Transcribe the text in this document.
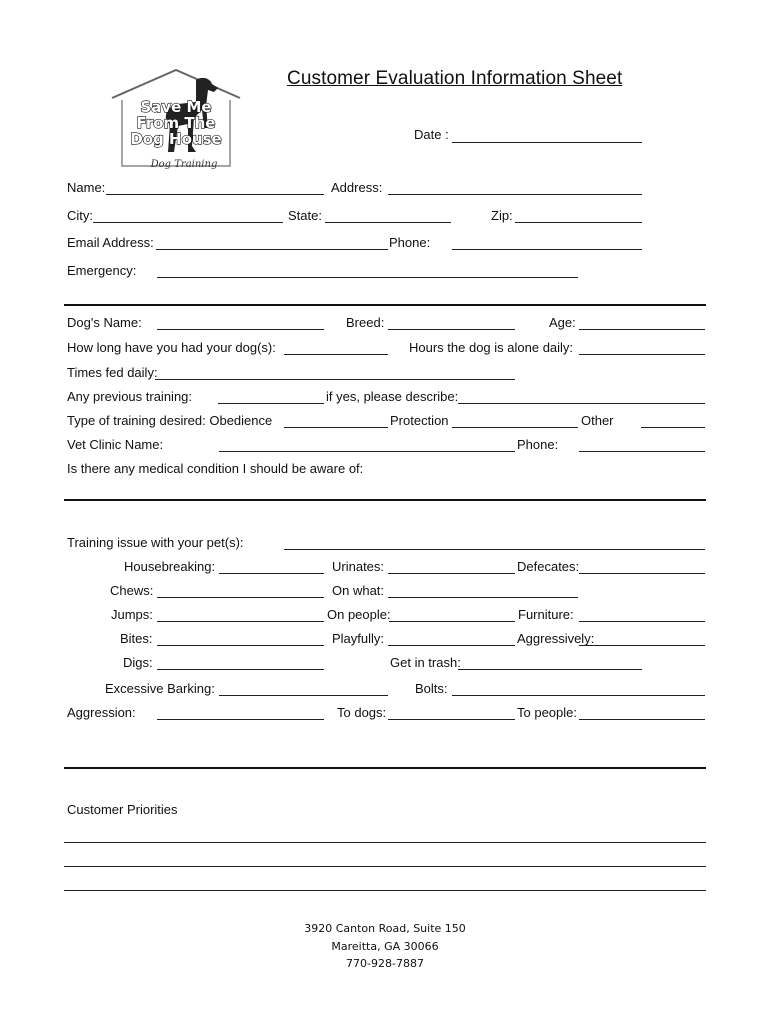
Save Me
From The
Dog House
Dog Training
Customer Evaluation Information Sheet
Date :
Name:	Address:
City:	State:	Zip:
Email Address:	Phone:
Emergency:
Dog's Name:	Breed:	Age:
How long have you had your dog(s):	Hours the dog is alone daily:
Times fed daily:
Any previous training:	if yes, please describe:
Type of training desired: Obedience	Protection	Other
Vet Clinic Name:	Phone:
Is there any medical condition I should be aware of:
Training issue with your pet(s):
Housebreaking:	Urinates:	Defecates:
Chews:	On what:
Jumps:	On people:	Furniture:
Bites:	Playfully:	Aggressively:
Digs:	Get in trash:
Excessive Barking:	Bolts:
Aggression:	To dogs:	To people:
Customer Priorities
3920 Canton Road, Suite 150
Mareitta, GA 30066
770-928-7887
